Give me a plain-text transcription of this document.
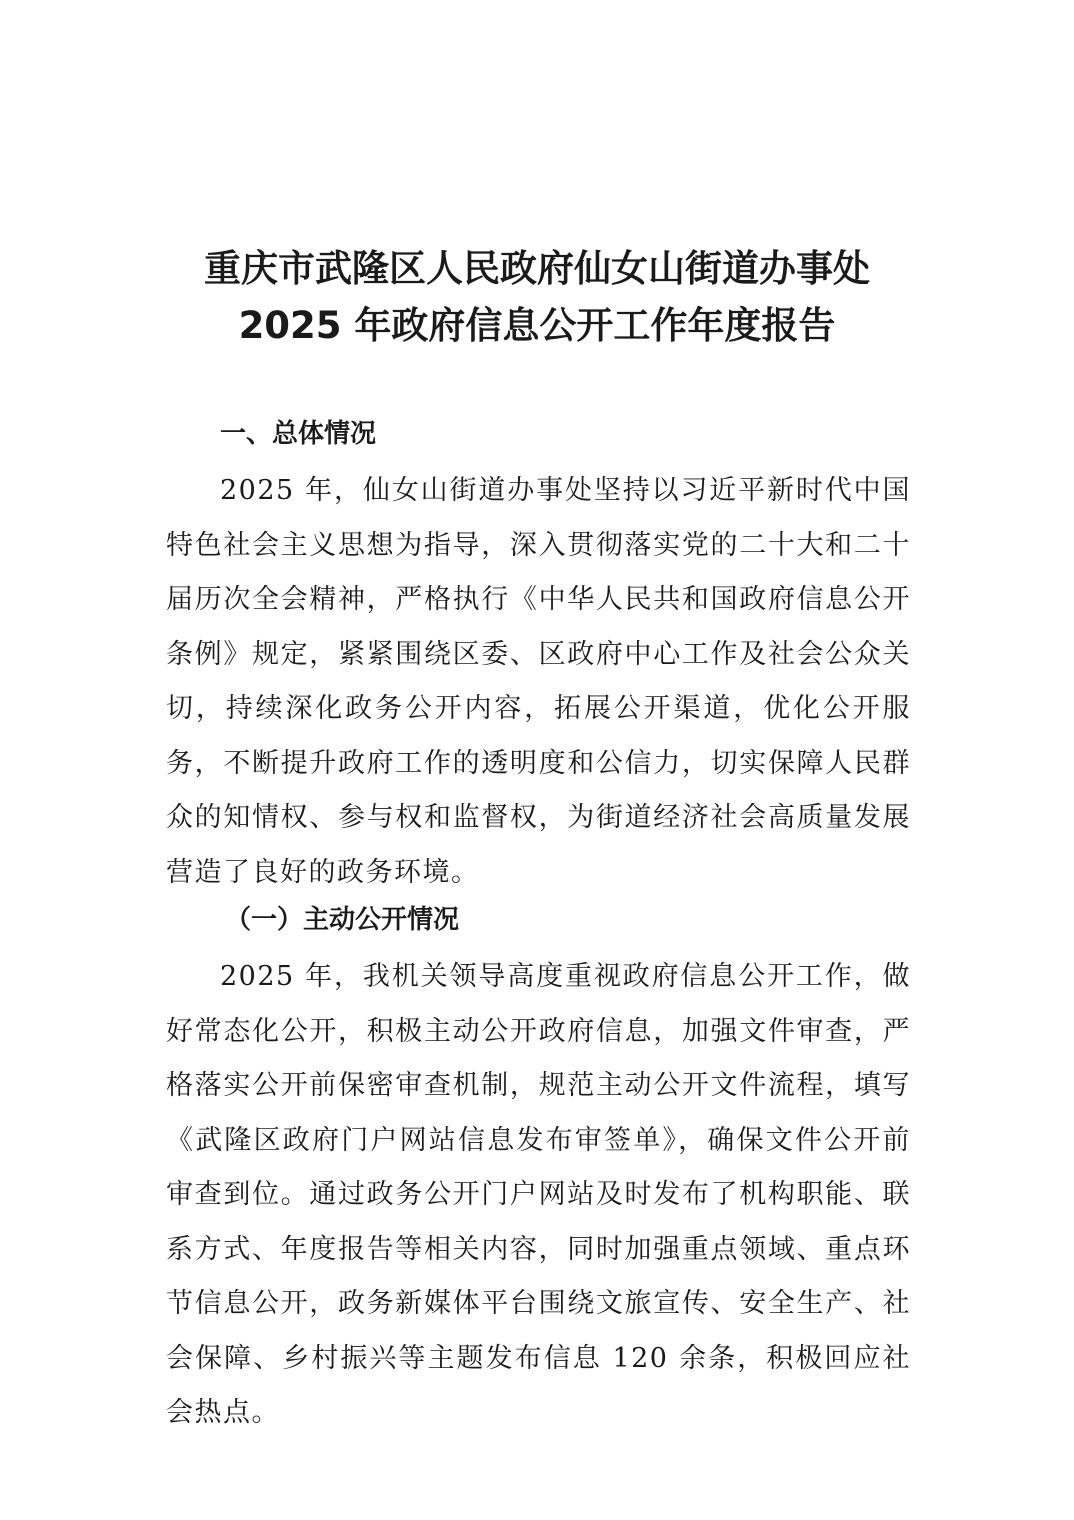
重庆市武隆区人民政府仙女山街道办事处
2025 年政府信息公开工作年度报告
一、总体情况
2025 年，仙女山街道办事处坚持以习近平新时代中国特色社会主义思想为指导，深入贯彻落实党的二十大和二十届历次全会精神，严格执行《中华人民共和国政府信息公开条例》规定，紧紧围绕区委、区政府中心工作及社会公众关切，持续深化政务公开内容，拓展公开渠道，优化公开服务，不断提升政府工作的透明度和公信力，切实保障人民群众的知情权、参与权和监督权，为街道经济社会高质量发展营造了良好的政务环境。
（一）主动公开情况
2025 年，我机关领导高度重视政府信息公开工作，做好常态化公开，积极主动公开政府信息，加强文件审查，严格落实公开前保密审查机制，规范主动公开文件流程，填写《武隆区政府门户网站信息发布审签单》，确保文件公开前审查到位。通过政务公开门户网站及时发布了机构职能、联系方式、年度报告等相关内容，同时加强重点领域、重点环节信息公开，政务新媒体平台围绕文旅宣传、安全生产、社会保障、乡村振兴等主题发布信息 120 余条，积极回应社会热点。
